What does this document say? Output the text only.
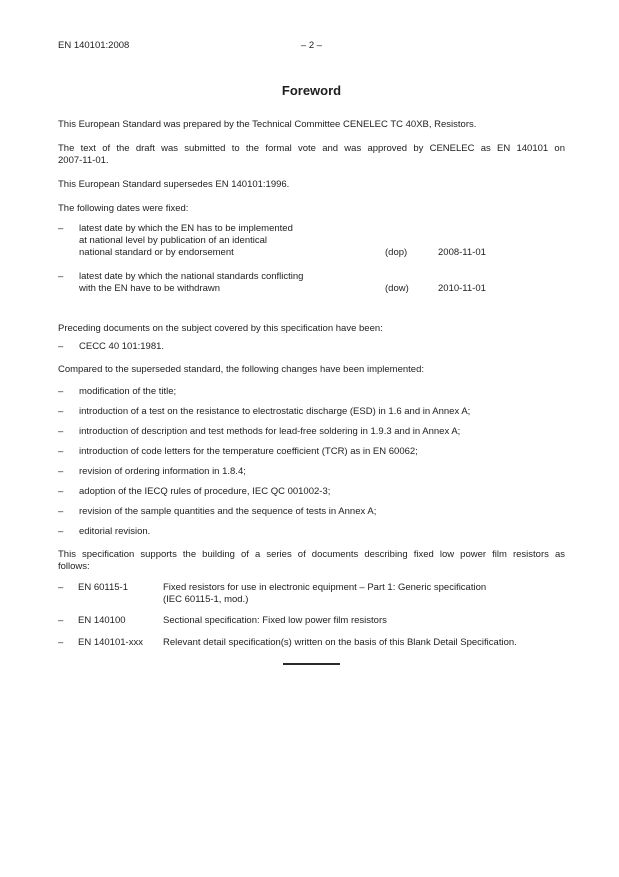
EN 140101:2008	– 2 –
Foreword

This European Standard was prepared by the Technical Committee CENELEC TC 40XB, Resistors.

The text of the draft was submitted to the formal vote and was approved by CENELEC as EN 140101 on
2007-11-01.

This European Standard supersedes EN 140101:1996.

The following dates were fixed:

–	latest date by which the EN has to be implemented
at national level by publication of an identical
national standard or by endorsement	(dop)	2008-11-01
–	latest date by which the national standards conflicting
with the EN have to be withdrawn	(dow)	2010-11-01

Preceding documents on the subject covered by this specification have been:

–	CECC 40 101:1981.

Compared to the superseded standard, the following changes have been implemented:

–	modification of the title;
–	introduction of a test on the resistance to electrostatic discharge (ESD) in 1.6 and in Annex A;
–	introduction of description and test methods for lead-free soldering in 1.9.3 and in Annex A;
–	introduction of code letters for the temperature coefficient (TCR) as in EN 60062;
–	revision of ordering information in 1.8.4;
–	adoption of the IECQ rules of procedure, IEC QC 001002-3;
–	revision of the sample quantities and the sequence of tests in Annex A;
–	editorial revision.
This specification supports the building of a series of documents describing fixed low power film resistors as
follows:
–	EN 60115-1	Fixed resistors for use in electronic equipment – Part 1: Generic specification
(IEC 60115-1, mod.)
–	EN 140100	Sectional specification: Fixed low power film resistors
–	EN 140101-xxx	Relevant detail specification(s) written on the basis of this Blank Detail Specification.
